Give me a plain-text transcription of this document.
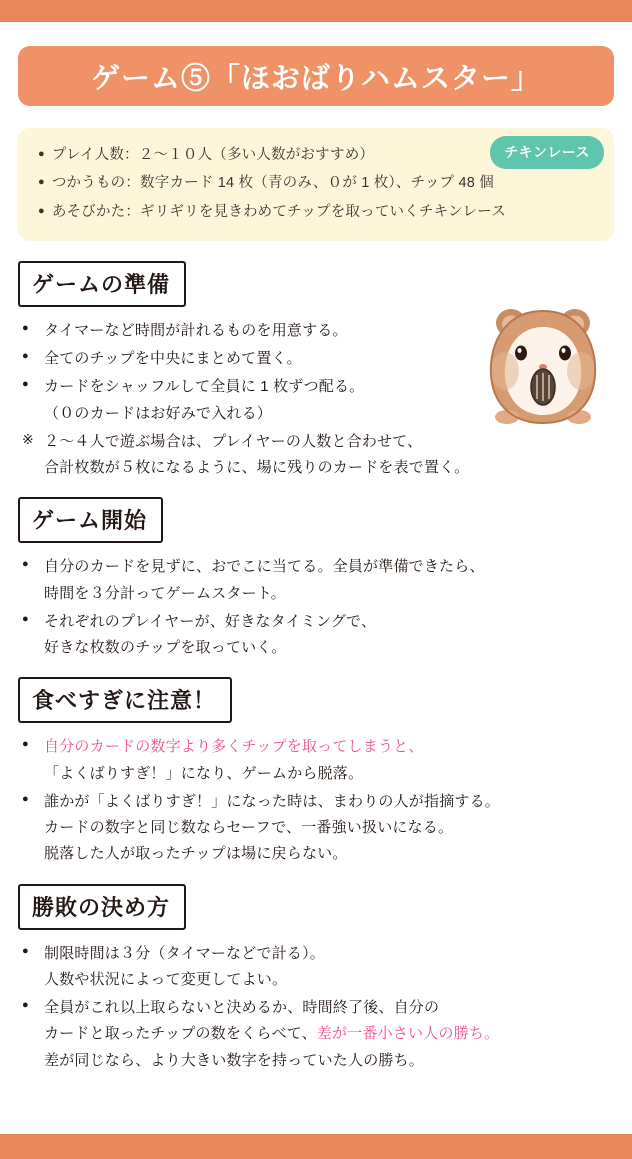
ゲーム⑤「ほおばりハムスター」
● プレイ人数：２〜１０人（多い人数がおすすめ）
● つかうもの：数字カード 14 枚（青のみ、０が 1 枚）、チップ 48 個
● あそびかた：ギリギリを見きわめてチップを取っていくチキンレース
チキンレース
ゲームの準備
●	タイマーなど時間が計れるものを用意する。
●	全てのチップを中央にまとめて置く。
●	カードをシャッフルして全員に 1 枚ずつ配る。
（０のカードはお好みで入れる）
※ ２〜４人で遊ぶ場合は、プレイヤーの人数と合わせて、
合計枚数が５枚になるように、場に残りのカードを表で置く。
ゲーム開始
●	自分のカードを見ずに、おでこに当てる。全員が準備できたら、
時間を３分計ってゲームスタート。
●	それぞれのプレイヤーが、好きなタイミングで、
好きな枚数のチップを取っていく。
食べすぎに注意！
●	自分のカードの数字より多くチップを取ってしまうと、
「よくばりすぎ！」になり、ゲームから脱落。
●	誰かが「よくばりすぎ！」になった時は、まわりの人が指摘する。
カードの数字と同じ数ならセーフで、一番強い扱いになる。
脱落した人が取ったチップは場に戻らない。
勝敗の決め方
●	制限時間は３分（タイマーなどで計る）。
人数や状況によって変更してよい。
●	全員がこれ以上取らないと決めるか、時間終了後、自分の
カードと取ったチップの数をくらべて、差が一番小さい人の勝ち。
差が同じなら、より大きい数字を持っていた人の勝ち。
